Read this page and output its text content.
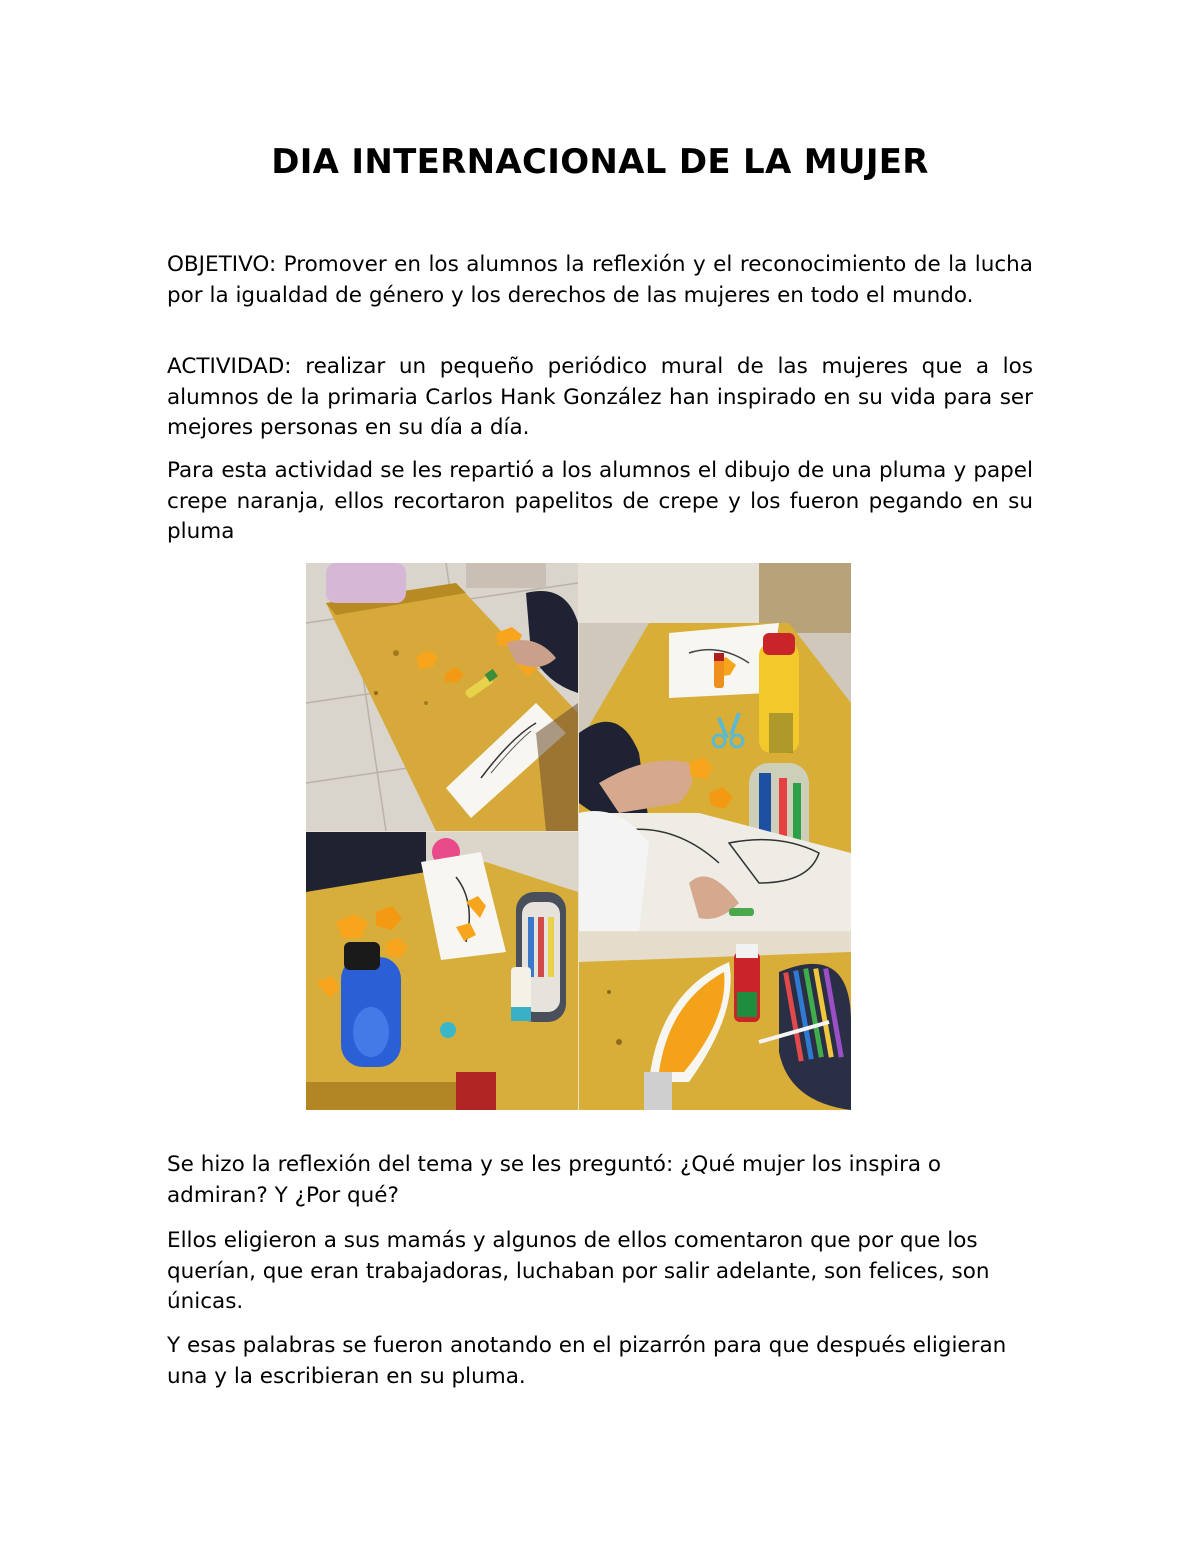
DIA INTERNACIONAL DE LA MUJER

OBJETIVO: Promover en los alumnos la reflexión y el reconocimiento de la lucha por la igualdad de género y los derechos de las mujeres en todo el mundo.

ACTIVIDAD: realizar un pequeño periódico mural de las mujeres que a los alumnos de la primaria Carlos Hank González han inspirado en su vida para ser mejores personas en su día a día.

Para esta actividad se les repartió a los alumnos el dibujo de una pluma y papel crepe naranja, ellos recortaron papelitos de crepe y los fueron pegando en su pluma

Se hizo la reflexión del tema y se les preguntó: ¿Qué mujer los inspira o admiran? Y ¿Por qué?

Ellos eligieron a sus mamás y algunos de ellos comentaron que por que los querían, que eran trabajadoras, luchaban por salir adelante, son felices, son únicas.

Y esas palabras se fueron anotando en el pizarrón para que después eligieran una y la escribieran en su pluma.
